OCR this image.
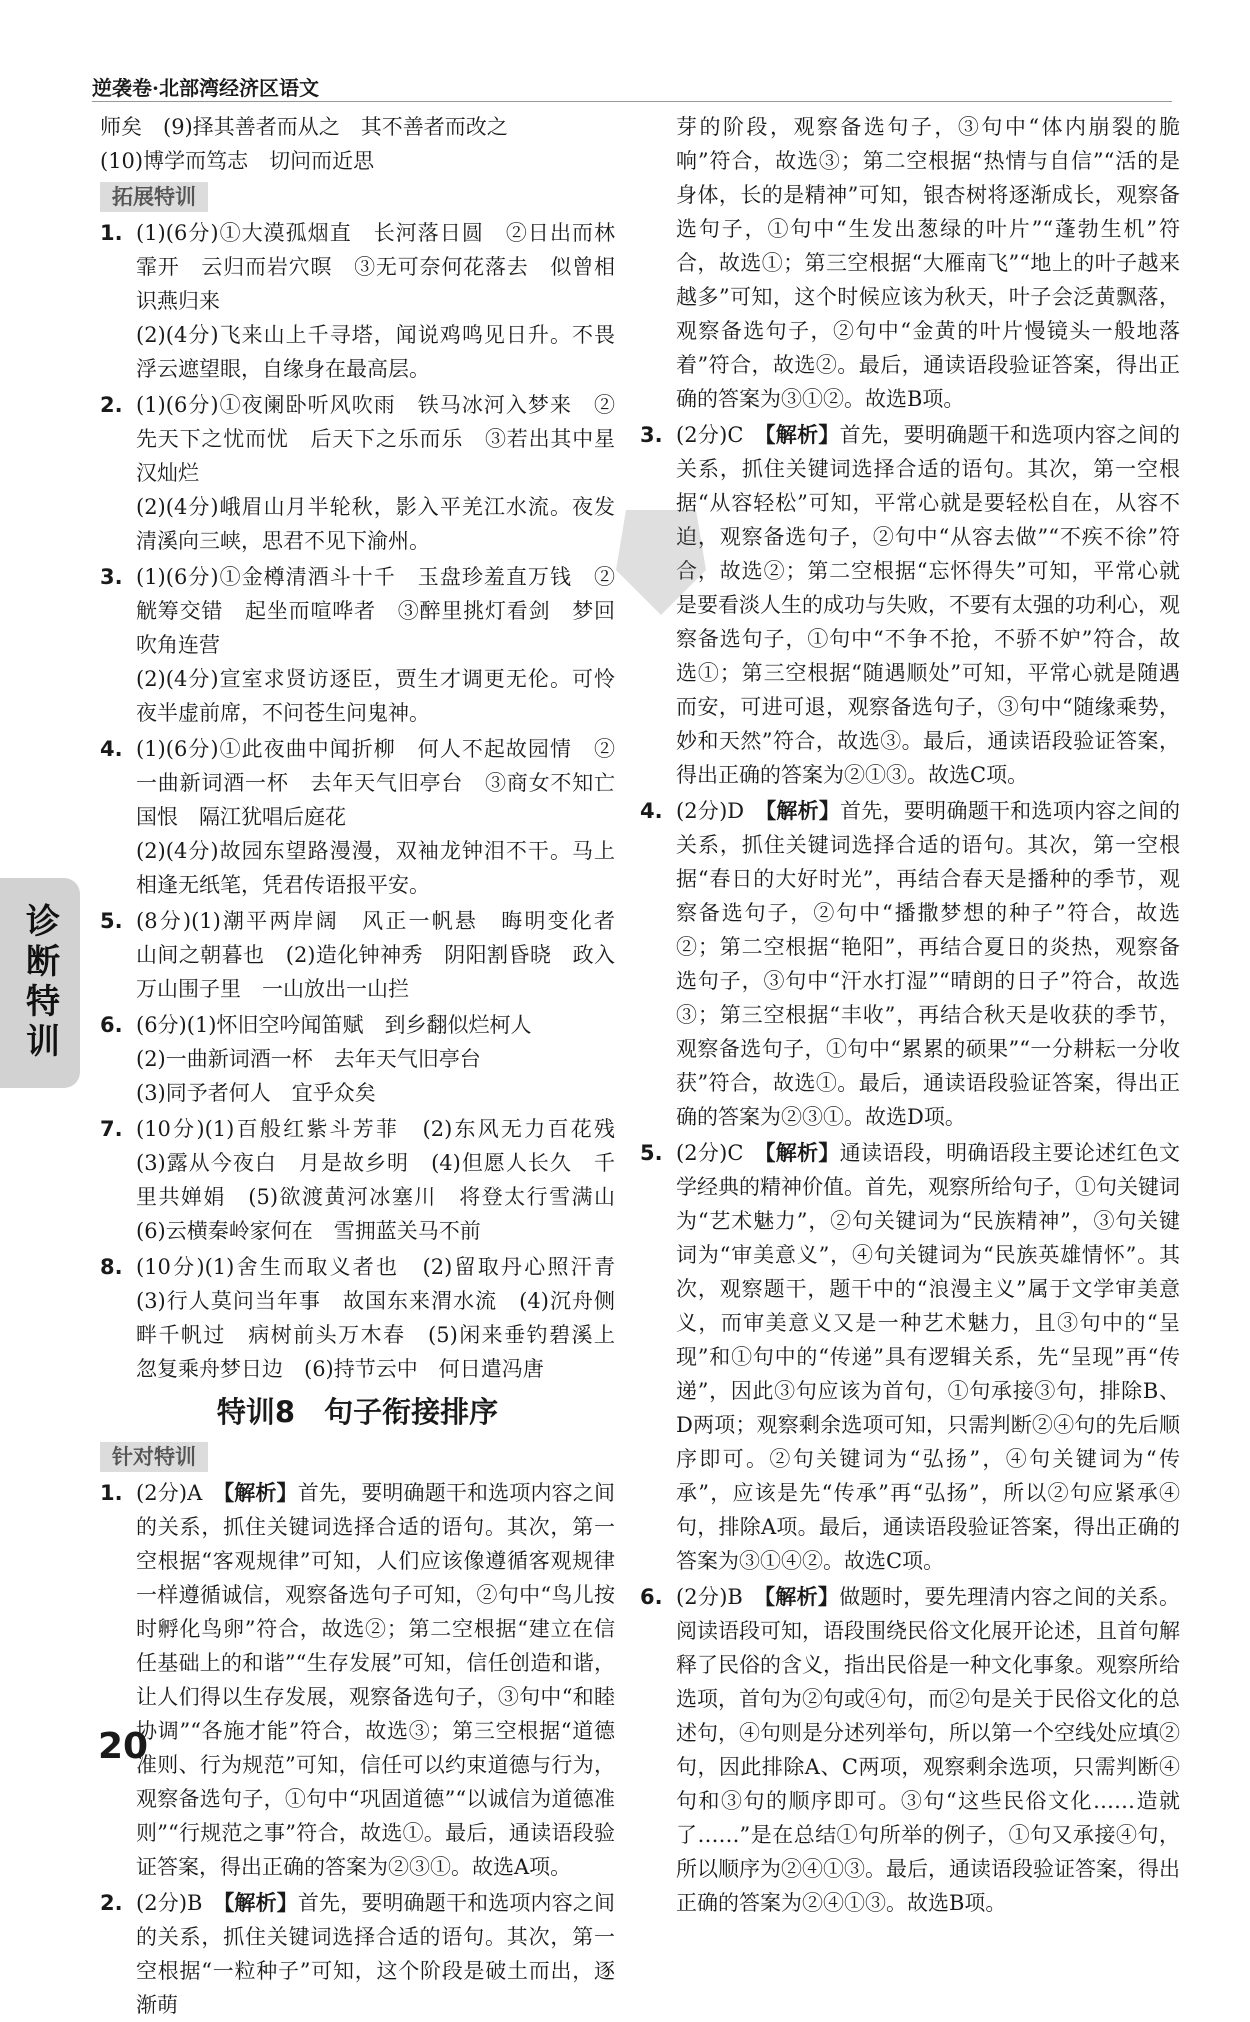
逆袭卷·北部湾经济区语文

师矣　(9)择其善者而从之　其不善者而改之

(10)博学而笃志　切问而近思

拓展特训
1. (1)(6分)①大漠孤烟直　长河落日圆　②日出而林霏开　云归而岩穴暝　③无可奈何花落去　似曾相识燕归来

(2)(4分)飞来山上千寻塔，闻说鸡鸣见日升。不畏浮云遮望眼，自缘身在最高层。

2. (1)(6分)①夜阑卧听风吹雨　铁马冰河入梦来　②先天下之忧而忧　后天下之乐而乐　③若出其中星汉灿烂

(2)(4分)峨眉山月半轮秋，影入平羌江水流。夜发清溪向三峡，思君不见下渝州。

3. (1)(6分)①金樽清酒斗十千　玉盘珍羞直万钱　②觥筹交错　起坐而喧哗者　③醉里挑灯看剑　梦回吹角连营

(2)(4分)宣室求贤访逐臣，贾生才调更无伦。可怜夜半虚前席，不问苍生问鬼神。

4. (1)(6分)①此夜曲中闻折柳　何人不起故园情　②一曲新词酒一杯　去年天气旧亭台　③商女不知亡国恨　隔江犹唱后庭花

(2)(4分)故园东望路漫漫，双袖龙钟泪不干。马上相逢无纸笔，凭君传语报平安。

5. (8分)(1)潮平两岸阔　风正一帆悬　晦明变化者　山间之朝暮也　(2)造化钟神秀　阴阳割昏晓　政入万山围子里　一山放出一山拦

6. (6分)(1)怀旧空吟闻笛赋　到乡翻似烂柯人

(2)一曲新词酒一杯　去年天气旧亭台

(3)同予者何人　宜乎众矣

7. (10分)(1)百般红紫斗芳菲　(2)东风无力百花残　(3)露从今夜白　月是故乡明　(4)但愿人长久　千里共婵娟　(5)欲渡黄河冰塞川　将登太行雪满山　(6)云横秦岭家何在　雪拥蓝关马不前

8. (10分)(1)舍生而取义者也　(2)留取丹心照汗青　(3)行人莫问当年事　故国东来渭水流　(4)沉舟侧畔千帆过　病树前头万木春　(5)闲来垂钓碧溪上　忽复乘舟梦日边　(6)持节云中　何日遣冯唐

特训8　句子衔接排序

针对特训
1. (2分)A　【解析】首先，要明确题干和选项内容之间的关系，抓住关键词选择合适的语句。其次，第一空根据“客观规律”可知，人们应该像遵循客观规律一样遵循诚信，观察备选句子可知，②句中“鸟儿按时孵化鸟卵”符合，故选②；第二空根据“建立在信任基础上的和谐”“生存发展”可知，信任创造和谐，让人们得以生存发展，观察备选句子，③句中“和睦协调”“各施才能”符合，故选③；第三空根据“道德准则、行为规范”可知，信任可以约束道德与行为，观察备选句子，①句中“巩固道德”“以诚信为道德准则”“行规范之事”符合，故选①。最后，通读语段验证答案，得出正确的答案为②③①。故选A项。

2. (2分)B　【解析】首先，要明确题干和选项内容之间的关系，抓住关键词选择合适的语句。其次，第一空根据“一粒种子”可知，这个阶段是破土而出，逐渐萌

芽的阶段，观察备选句子，③句中“体内崩裂的脆响”符合，故选③；第二空根据“热情与自信”“活的是身体，长的是精神”可知，银杏树将逐渐成长，观察备选句子，①句中“生发出葱绿的叶片”“蓬勃生机”符合，故选①；第三空根据“大雁南飞”“地上的叶子越来越多”可知，这个时候应该为秋天，叶子会泛黄飘落，观察备选句子，②句中“金黄的叶片慢镜头一般地落着”符合，故选②。最后，通读语段验证答案，得出正确的答案为③①②。故选B项。

3. (2分)C　【解析】首先，要明确题干和选项内容之间的关系，抓住关键词选择合适的语句。其次，第一空根据“从容轻松”可知，平常心就是要轻松自在，从容不迫，观察备选句子，②句中“从容去做”“不疾不徐”符合，故选②；第二空根据“忘怀得失”可知，平常心就是要看淡人生的成功与失败，不要有太强的功利心，观察备选句子，①句中“不争不抢，不骄不妒”符合，故选①；第三空根据“随遇顺处”可知，平常心就是随遇而安，可进可退，观察备选句子，③句中“随缘乘势，妙和天然”符合，故选③。最后，通读语段验证答案，得出正确的答案为②①③。故选C项。

4. (2分)D　【解析】首先，要明确题干和选项内容之间的关系，抓住关键词选择合适的语句。其次，第一空根据“春日的大好时光”，再结合春天是播种的季节，观察备选句子，②句中“播撒梦想的种子”符合，故选②；第二空根据“艳阳”，再结合夏日的炎热，观察备选句子，③句中“汗水打湿”“晴朗的日子”符合，故选③；第三空根据“丰收”，再结合秋天是收获的季节，观察备选句子，①句中“累累的硕果”“一分耕耘一分收获”符合，故选①。最后，通读语段验证答案，得出正确的答案为②③①。故选D项。

5. (2分)C　【解析】通读语段，明确语段主要论述红色文学经典的精神价值。首先，观察所给句子，①句关键词为“艺术魅力”，②句关键词为“民族精神”，③句关键词为“审美意义”，④句关键词为“民族英雄情怀”。其次，观察题干，题干中的“浪漫主义”属于文学审美意义，而审美意义又是一种艺术魅力，且③句中的“呈现”和①句中的“传递”具有逻辑关系，先“呈现”再“传递”，因此③句应该为首句，①句承接③句，排除B、D两项；观察剩余选项可知，只需判断②④句的先后顺序即可。②句关键词为“弘扬”，④句关键词为“传承”，应该是先“传承”再“弘扬”，所以②句应紧承④句，排除A项。最后，通读语段验证答案，得出正确的答案为③①④②。故选C项。

6. (2分)B　【解析】做题时，要先理清内容之间的关系。阅读语段可知，语段围绕民俗文化展开论述，且首句解释了民俗的含义，指出民俗是一种文化事象。观察所给选项，首句为②句或④句，而②句是关于民俗文化的总述句，④句则是分述列举句，所以第一个空线处应填②句，因此排除A、C两项，观察剩余选项，只需判断④句和③句的顺序即可。③句“这些民俗文化……造就了……”是在总结①句所举的例子，①句又承接④句，所以顺序为②④①③。最后，通读语段验证答案，得出正确的答案为②④①③。故选B项。

诊断特训
20
